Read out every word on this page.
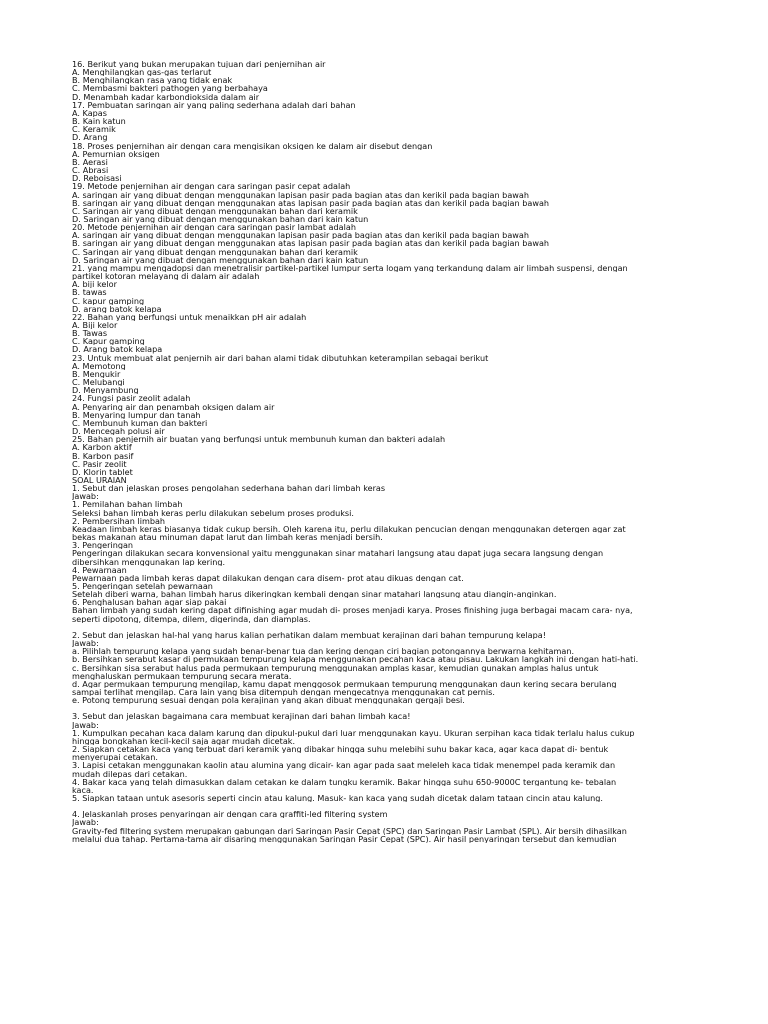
16. Berikut yang bukan merupakan tujuan dari penjernihan air
A. Menghilangkan gas-gas terlarut
B. Menghilangkan rasa yang tidak enak
C. Membasmi bakteri pathogen yang berbahaya
D. Menambah kadar karbondioksida dalam air
17. Pembuatan saringan air yang paling sederhana adalah dari bahan
A. Kapas
B. Kain katun
C. Keramik
D. Arang
18. Proses penjernihan air dengan cara mengisikan oksigen ke dalam air disebut dengan
A. Pemurnian oksigen
B. Aerasi
C. Abrasi
D. Reboisasi
19. Metode penjernihan air dengan cara saringan pasir cepat adalah
A. saringan air yang dibuat dengan menggunakan lapisan pasir pada bagian atas dan kerikil pada bagian bawah
B. saringan air yang dibuat dengan menggunakan atas lapisan pasir pada bagian atas dan kerikil pada bagian bawah
C. Saringan air yang dibuat dengan menggunakan bahan dari keramik
D. Saringan air yang dibuat dengan menggunakan bahan dari kain katun
20. Metode penjernihan air dengan cara saringan pasir lambat adalah
A. saringan air yang dibuat dengan menggunakan lapisan pasir pada bagian atas dan kerikil pada bagian bawah
B. saringan air yang dibuat dengan menggunakan atas lapisan pasir pada bagian atas dan kerikil pada bagian bawah
C. Saringan air yang dibuat dengan menggunakan bahan dari keramik
D. Saringan air yang dibuat dengan menggunakan bahan dari kain katun
21. yang mampu mengadopsi dan menetralisir partikel-partikel lumpur serta logam yang terkandung dalam air limbah suspensi, dengan
partikel kotoran melayang di dalam air adalah
A. biji kelor
B. tawas
C. kapur gamping
D. arang batok kelapa
22. Bahan yang berfungsi untuk menaikkan pH air adalah
A. Biji kelor
B. Tawas
C. Kapur gamping
D. Arang batok kelapa
23. Untuk membuat alat penjernih air dari bahan alami tidak dibutuhkan keterampilan sebagai berikut
A. Memotong
B. Mengukir
C. Melubangi
D. Menyambung
24. Fungsi pasir zeolit adalah
A. Penyaring air dan penambah oksigen dalam air
B. Menyaring lumpur dan tanah
C. Membunuh kuman dan bakteri
D. Mencegah polusi air
25. Bahan penjernih air buatan yang berfungsi untuk membunuh kuman dan bakteri adalah
A. Karbon aktif
B. Karbon pasif
C. Pasir zeolit
D. Klorin tablet
SOAL URAIAN
1. Sebut dan jelaskan proses pengolahan sederhana bahan dari limbah keras
Jawab:
1. Pemilahan bahan limbah
Seleksi bahan limbah keras perlu dilakukan sebelum proses produksi.
2. Pembersihan limbah
Keadaan limbah keras biasanya tidak cukup bersih. Oleh karena itu, perlu dilakukan pencucian dengan menggunakan detergen agar zat
bekas makanan atau minuman dapat larut dan limbah keras menjadi bersih.
3. Pengeringan
Pengeringan dilakukan secara konvensional yaitu menggunakan sinar matahari langsung atau dapat juga secara langsung dengan
dibersihkan menggunakan lap kering.
4. Pewarnaan
Pewarnaan pada limbah keras dapat dilakukan dengan cara disem- prot atau dikuas dengan cat.
5. Pengeringan setelah pewarnaan
Setelah diberi warna, bahan limbah harus dikeringkan kembali dengan sinar matahari langsung atau diangin-anginkan.
6. Penghalusan bahan agar siap pakai
Bahan limbah yang sudah kering dapat difinishing agar mudah di- proses menjadi karya. Proses finishing juga berbagai macam cara- nya,
seperti dipotong, ditempa, dilem, digerinda, dan diamplas.
2. Sebut dan jelaskan hal-hal yang harus kalian perhatikan dalam membuat kerajinan dari bahan tempurung kelapa!
Jawab:
a. Pilihlah tempurung kelapa yang sudah benar-benar tua dan kering dengan ciri bagian potongannya berwarna kehitaman.
b. Bersihkan serabut kasar di permukaan tempurung kelapa menggunakan pecahan kaca atau pisau. Lakukan langkah ini dengan hati-hati.
c. Bersihkan sisa serabut halus pada permukaan tempurung menggunakan amplas kasar, kemudian gunakan amplas halus untuk
menghaluskan permukaan tempurung secara merata.
d. Agar permukaan tempurung mengilap, kamu dapat menggosok permukaan tempurung menggunakan daun kering secara berulang
sampai terlihat mengilap. Cara lain yang bisa ditempuh dengan mengecatnya menggunakan cat pernis.
e. Potong tempurung sesuai dengan pola kerajinan yang akan dibuat menggunakan gergaji besi.
3. Sebut dan jelaskan bagaimana cara membuat kerajinan dari bahan limbah kaca!
Jawab:
1. Kumpulkan pecahan kaca dalam karung dan dipukul-pukul dari luar menggunakan kayu. Ukuran serpihan kaca tidak terlalu halus cukup
hingga bongkahan kecil-kecil saja agar mudah dicetak.
2. Siapkan cetakan kaca yang terbuat dari keramik yang dibakar hingga suhu melebihi suhu bakar kaca, agar kaca dapat di- bentuk
menyerupai cetakan.
3. Lapisi cetakan menggunakan kaolin atau alumina yang dicair- kan agar pada saat meleleh kaca tidak menempel pada keramik dan
mudah dilepas dari cetakan.
4. Bakar kaca yang telah dimasukkan dalam cetakan ke dalam tungku keramik. Bakar hingga suhu 650-9000C tergantung ke- tebalan
kaca.
5. Siapkan tataan untuk asesoris seperti cincin atau kalung. Masuk- kan kaca yang sudah dicetak dalam tataan cincin atau kalung.
4. Jelaskanlah proses penyaringan air dengan cara graffiti-led filtering system
Jawab:
Gravity-fed filtering system merupakan gabungan dari Saringan Pasir Cepat (SPC) dan Saringan Pasir Lambat (SPL). Air bersih dihasilkan
melalui dua tahap. Pertama-tama air disaring menggunakan Saringan Pasir Cepat (SPC). Air hasil penyaringan tersebut dan kemudian
